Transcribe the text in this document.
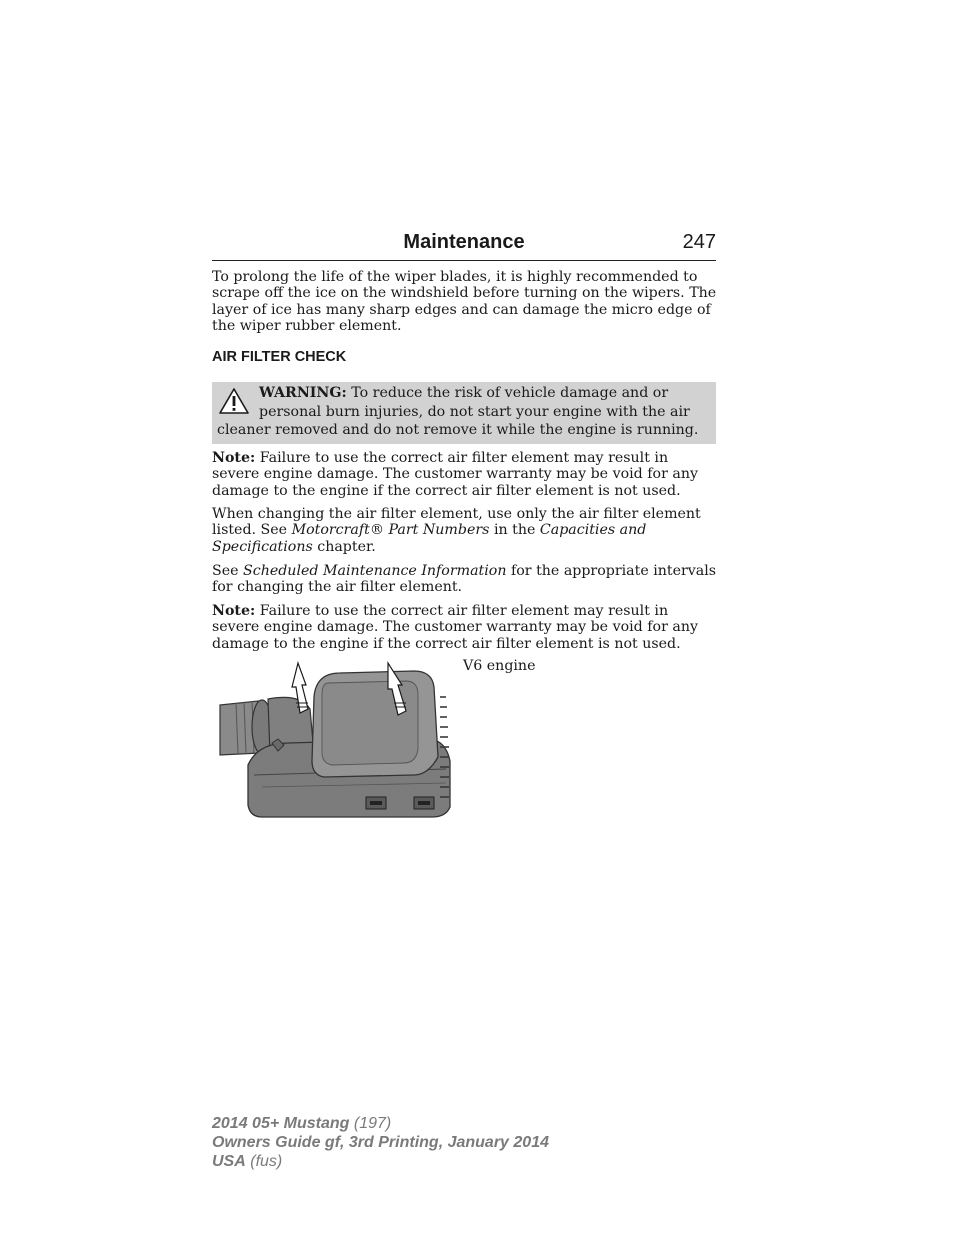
Maintenance	247

To prolong the life of the wiper blades, it is highly recommended to scrape off the ice on the windshield before turning on the wipers. The layer of ice has many sharp edges and can damage the micro edge of the wiper rubber element.

AIR FILTER CHECK

WARNING: To reduce the risk of vehicle damage and or
personal burn injuries, do not start your engine with the air
cleaner removed and do not remove it while the engine is running.

Note: Failure to use the correct air filter element may result in severe engine damage. The customer warranty may be void for any damage to the engine if the correct air filter element is not used.

When changing the air filter element, use only the air filter element listed. See Motorcraft® Part Numbers in the Capacities and Specifications chapter.

See Scheduled Maintenance Information for the appropriate intervals for changing the air filter element.

Note: Failure to use the correct air filter element may result in severe engine damage. The customer warranty may be void for any damage to the engine if the correct air filter element is not used.

V6 engine
2014 05+ Mustang (197)
Owners Guide gf, 3rd Printing, January 2014
USA (fus)
